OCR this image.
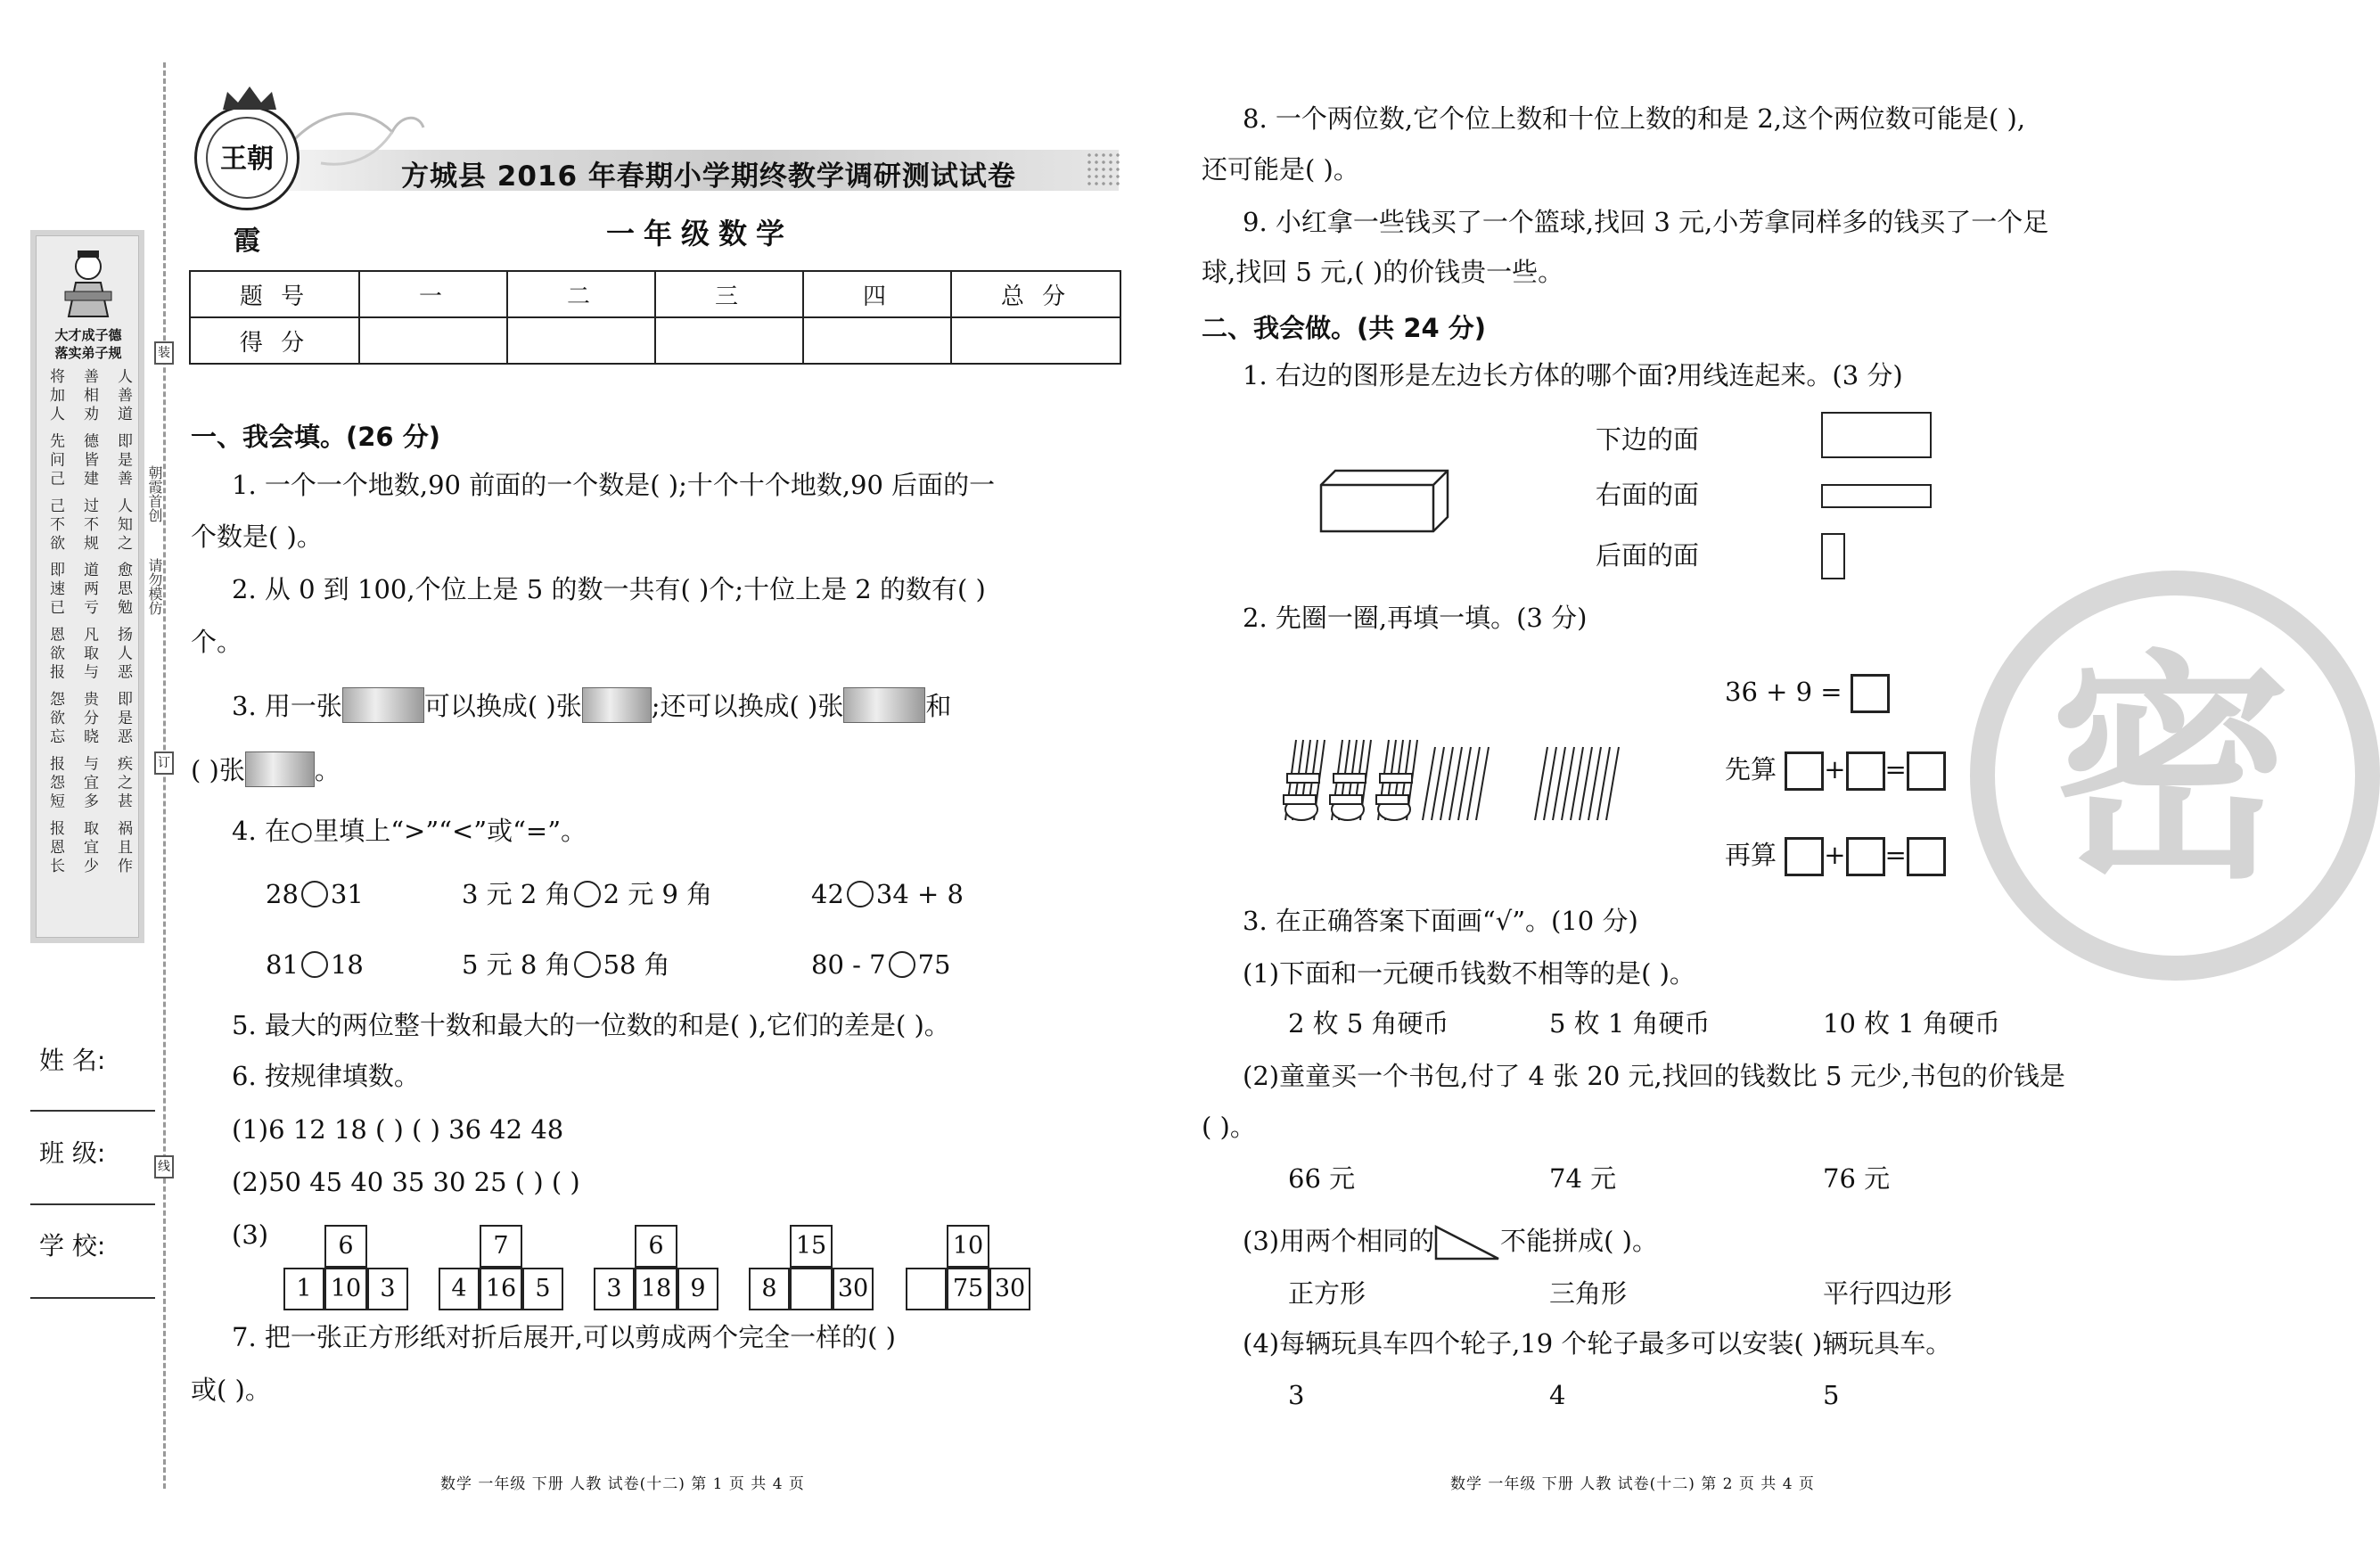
大才成子德
落实弟子规
将加人 先问己 己不欲 即速已 恩欲报 怨欲忘 报怨短 报恩长
善相劝 德皆建 过不规 道两亏 凡取与 贵分晓 与宜多 取宜少
人善道 即是善 人知之 愈思勉 扬人恶 即是恶 疾之甚 祸且作
姓 名:
班 级:
学 校:
朝霞首创
请勿模仿
装
订
线
王朝霞
方城县 2016 年春期小学期终教学调研测试试卷
一年级数学
题 号	一	二	三	四	总 分
得 分					
一、我会填。(26 分)
1. 一个一个地数,90 前面的一个数是( );十个十个地数,90 后面的一
个数是( )。
2. 从 0 到 100,个位上是 5 的数一共有( )个;十位上是 2 的数有( )
个。
3. 用一张	可以换成( )张	;还可以换成( )张	和
( )张	。
4. 在○里填上“>”“<”或“=”。
28 31	3 元 2 角 2 元 9 角	42 34 + 8
81 18	5 元 8 角 58 角	80 - 7 75
5. 最大的两位整十数和最大的一位数的和是( ),它们的差是( )。
6. 按规律填数。
(1)6 12 18 ( ) ( ) 36 42 48
(2)50 45 40 35 30 25 ( ) ( )
(3)	6
1 10 3
7
4 16 5
6
3 18 9
15
8	30
10
75 30
7. 把一张正方形纸对折后展开,可以剪成两个完全一样的( )
或( )。
数学 一年级 下册 人教 试卷(十二) 第 1 页 共 4 页
密
8. 一个两位数,它个位上数和十位上数的和是 2,这个两位数可能是( ),
还可能是( )。
9. 小红拿一些钱买了一个篮球,找回 3 元,小芳拿同样多的钱买了一个足
球,找回 5 元,( )的价钱贵一些。
二、我会做。(共 24 分)
1. 右边的图形是左边长方体的哪个面?用线连起来。(3 分)
下边的面
右面的面
后面的面
2. 先圈一圈,再填一填。(3 分)
36 + 9 =
先算 + =
再算 + =
3. 在正确答案下面画“√”。(10 分)
(1)下面和一元硬币钱数不相等的是( )。
2 枚 5 角硬币	5 枚 1 角硬币	10 枚 1 角硬币
(2)童童买一个书包,付了 4 张 20 元,找回的钱数比 5 元少,书包的价钱是
( )。
66 元	74 元	76 元
(3)用两个相同的	不能拼成( )。
正方形	三角形	平行四边形
(4)每辆玩具车四个轮子,19 个轮子最多可以安装( )辆玩具车。
3	4	5
数学 一年级 下册 人教 试卷(十二) 第 2 页 共 4 页
